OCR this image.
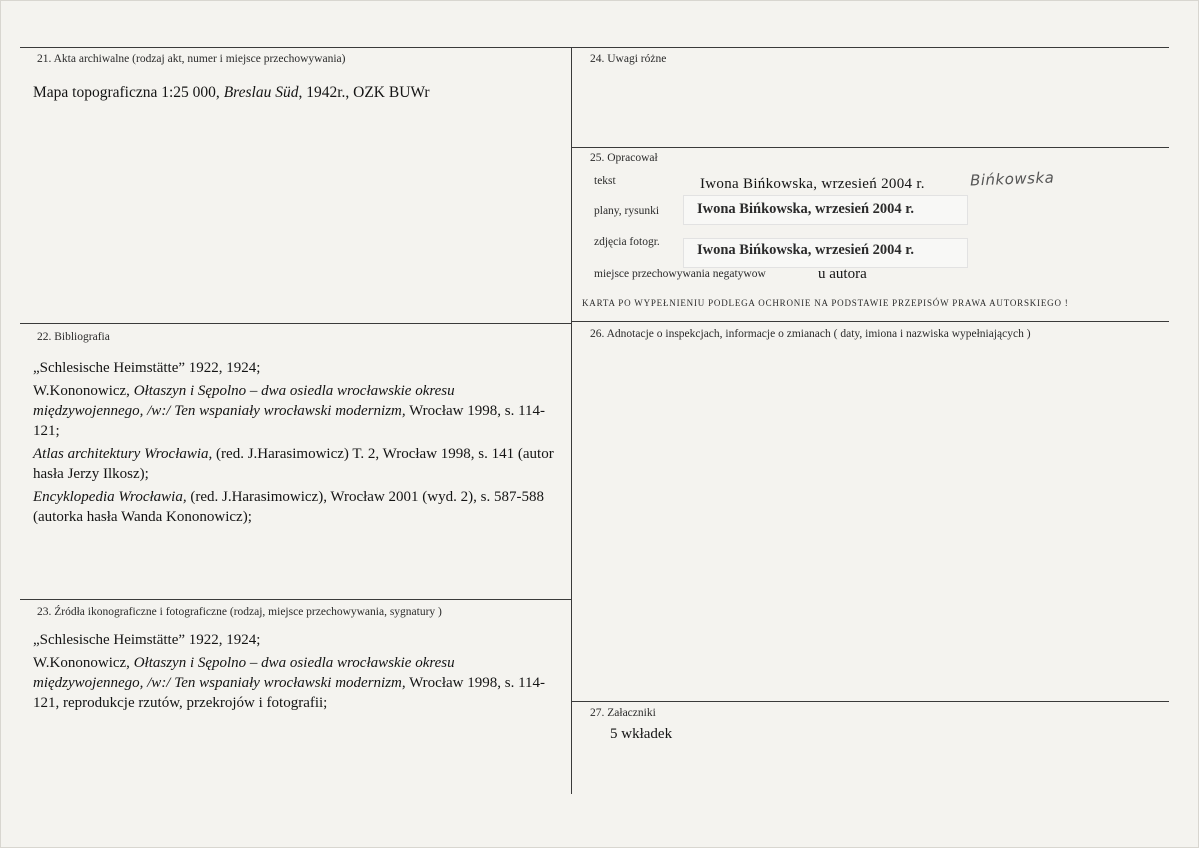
21. Akta archiwalne (rodzaj akt, numer i miejsce przechowywania)
Mapa topograficzna 1:25 000, Breslau Süd, 1942r., OZK BUWr
24. Uwagi różne
25. Opracował
tekst	Iwona Bińkowska, wrzesień 2004 r.
plany, rysunki	Iwona Bińkowska, wrzesień 2004 r.
zdjęcia fotogr.	Iwona Bińkowska, wrzesień 2004 r.
miejsce przechowywania negatywow	u autora
Bińkowska
KARTA PO WYPEŁNIENIU PODLEGA OCHRONIE NA PODSTAWIE PRZEPISÓW PRAWA AUTORSKIEGO !
22. Bibliografia

„Schlesische Heimstätte” 1922, 1924;

W.Kononowicz, Ołtaszyn i Sępolno – dwa osiedla wrocławskie okresu międzywojennego, /w:/ Ten wspaniały wrocławski modernizm, Wrocław 1998, s. 114-121;

Atlas architektury Wrocławia, (red. J.Harasimowicz) T. 2, Wrocław 1998, s. 141 (autor hasła Jerzy Ilkosz);

Encyklopedia Wrocławia, (red. J.Harasimowicz), Wrocław 2001 (wyd. 2), s. 587-588 (autorka hasła Wanda Kononowicz);

23. Źródła ikonograficzne i fotograficzne (rodzaj, miejsce przechowywania, sygnatury )

„Schlesische Heimstätte” 1922, 1924;

W.Kononowicz, Ołtaszyn i Sępolno – dwa osiedla wrocławskie okresu międzywojennego, /w:/ Ten wspaniały wrocławski modernizm, Wrocław 1998, s. 114-121, reprodukcje rzutów, przekrojów i fotografii;

26. Adnotacje o inspekcjach, informacje o zmianach ( daty, imiona i nazwiska wypełniających )
27. Załaczniki
5 wkładek
